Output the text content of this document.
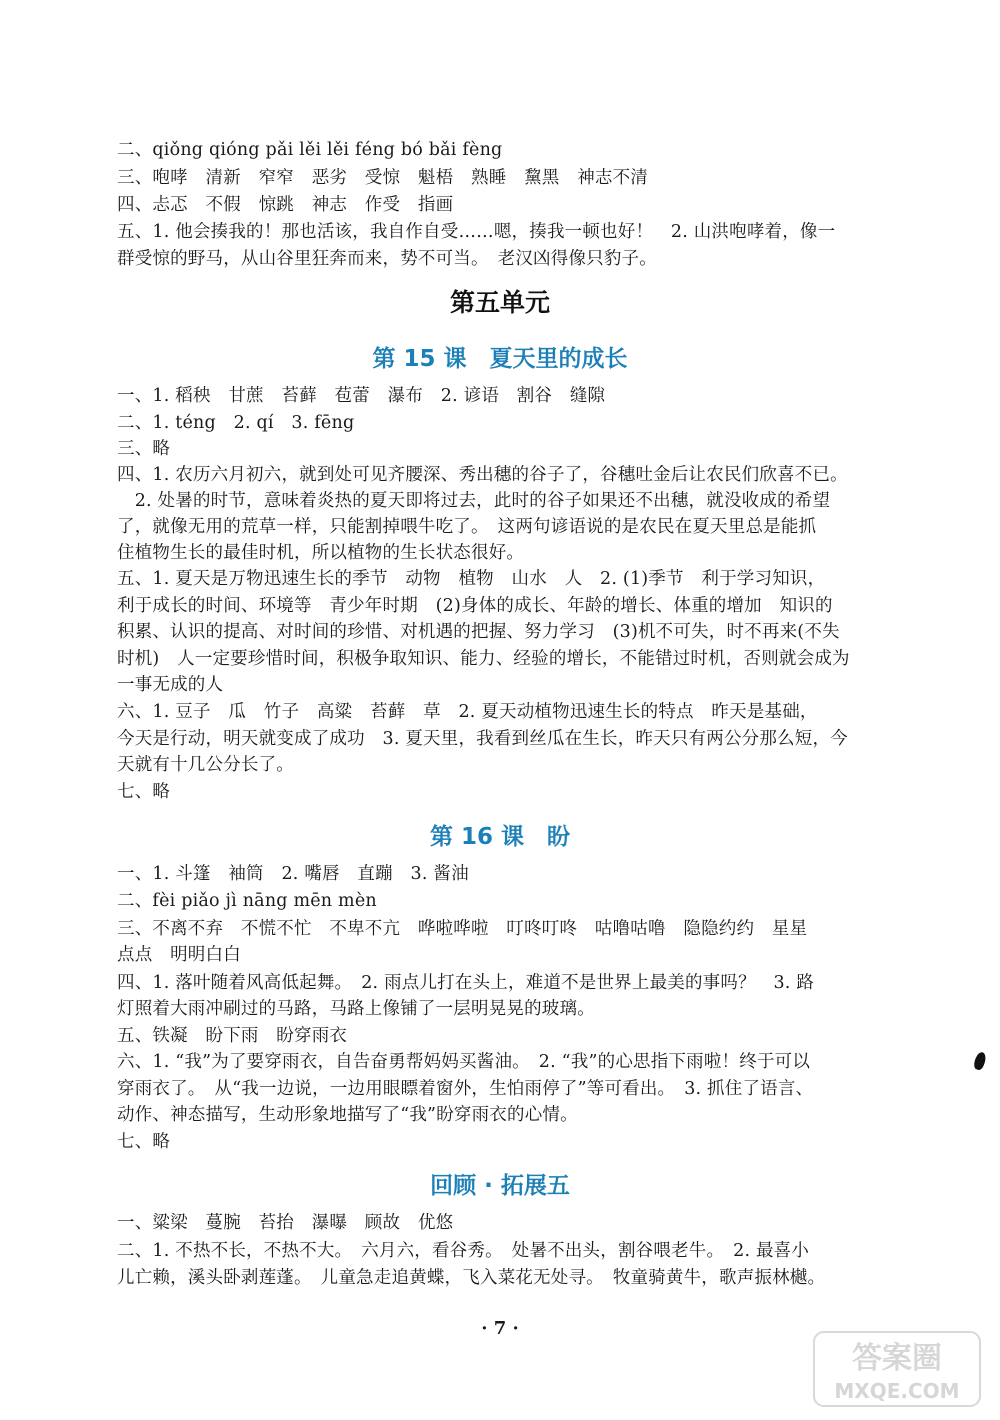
二、qiǒng qióng pǎi lěi lěi féng bó bǎi fèng
三、咆哮　清新　窄窄　恶劣　受惊　魁梧　熟睡　黧黑　神志不清
四、忐忑　不假　惊跳　神志　作受　指画
五、1. 他会揍我的！那也活该，我自作自受……嗯，揍我一顿也好！　2. 山洪咆哮着，像一
群受惊的野马，从山谷里狂奔而来，势不可当。　老汉凶得像只豹子。
第五单元
第 15 课　夏天里的成长
一、1. 稻秧　甘蔗　苔藓　苞蕾　瀑布　2. 谚语　割谷　缝隙
二、1. téng　2. qí　3. fēng
三、略
四、1. 农历六月初六，就到处可见齐腰深、秀出穗的谷子了，谷穗吐金后让农民们欣喜不已。
　2. 处暑的时节，意味着炎热的夏天即将过去，此时的谷子如果还不出穗，就没收成的希望
了，就像无用的荒草一样，只能割掉喂牛吃了。　这两句谚语说的是农民在夏天里总是能抓
住植物生长的最佳时机，所以植物的生长状态很好。
五、1. 夏天是万物迅速生长的季节　动物　植物　山水　人　2. (1)季节　利于学习知识，
利于成长的时间、环境等　青少年时期　(2)身体的成长、年龄的增长、体重的增加　知识的
积累、认识的提高、对时间的珍惜、对机遇的把握、努力学习　(3)机不可失，时不再来(不失
时机)　人一定要珍惜时间，积极争取知识、能力、经验的增长，不能错过时机，否则就会成为
一事无成的人
六、1. 豆子　瓜　竹子　高粱　苔藓　草　2. 夏天动植物迅速生长的特点　昨天是基础，
今天是行动，明天就变成了成功　3. 夏天里，我看到丝瓜在生长，昨天只有两公分那么短，今
天就有十几公分长了。
七、略
第 16 课　盼
一、1. 斗篷　袖筒　2. 嘴唇　直蹦　3. 酱油
二、fèi piǎo jì nāng mēn mèn
三、不离不弃　不慌不忙　不卑不亢　哗啦哗啦　叮咚叮咚　咕噜咕噜　隐隐约约　星星
点点　明明白白
四、1. 落叶随着风高低起舞。　2. 雨点儿打在头上，难道不是世界上最美的事吗？　3. 路
灯照着大雨冲刷过的马路，马路上像铺了一层明晃晃的玻璃。
五、铁凝　盼下雨　盼穿雨衣
六、1. “我”为了要穿雨衣，自告奋勇帮妈妈买酱油。　2. “我”的心思指下雨啦！终于可以
穿雨衣了。　从“我一边说，一边用眼瞟着窗外，生怕雨停了”等可看出。　3. 抓住了语言、
动作、神态描写，生动形象地描写了“我”盼穿雨衣的心情。
七、略
回顾 · 拓展五
一、粱梁　蔓腕　苔抬　瀑曝　顾故　优悠
二、1. 不热不长，不热不大。　六月六，看谷秀。　处暑不出头，割谷喂老牛。　2. 最喜小
儿亡赖，溪头卧剥莲蓬。　儿童急走追黄蝶，飞入菜花无处寻。　牧童骑黄牛，歌声振林樾。
· 7 ·
答案圈
MXQE.COM
